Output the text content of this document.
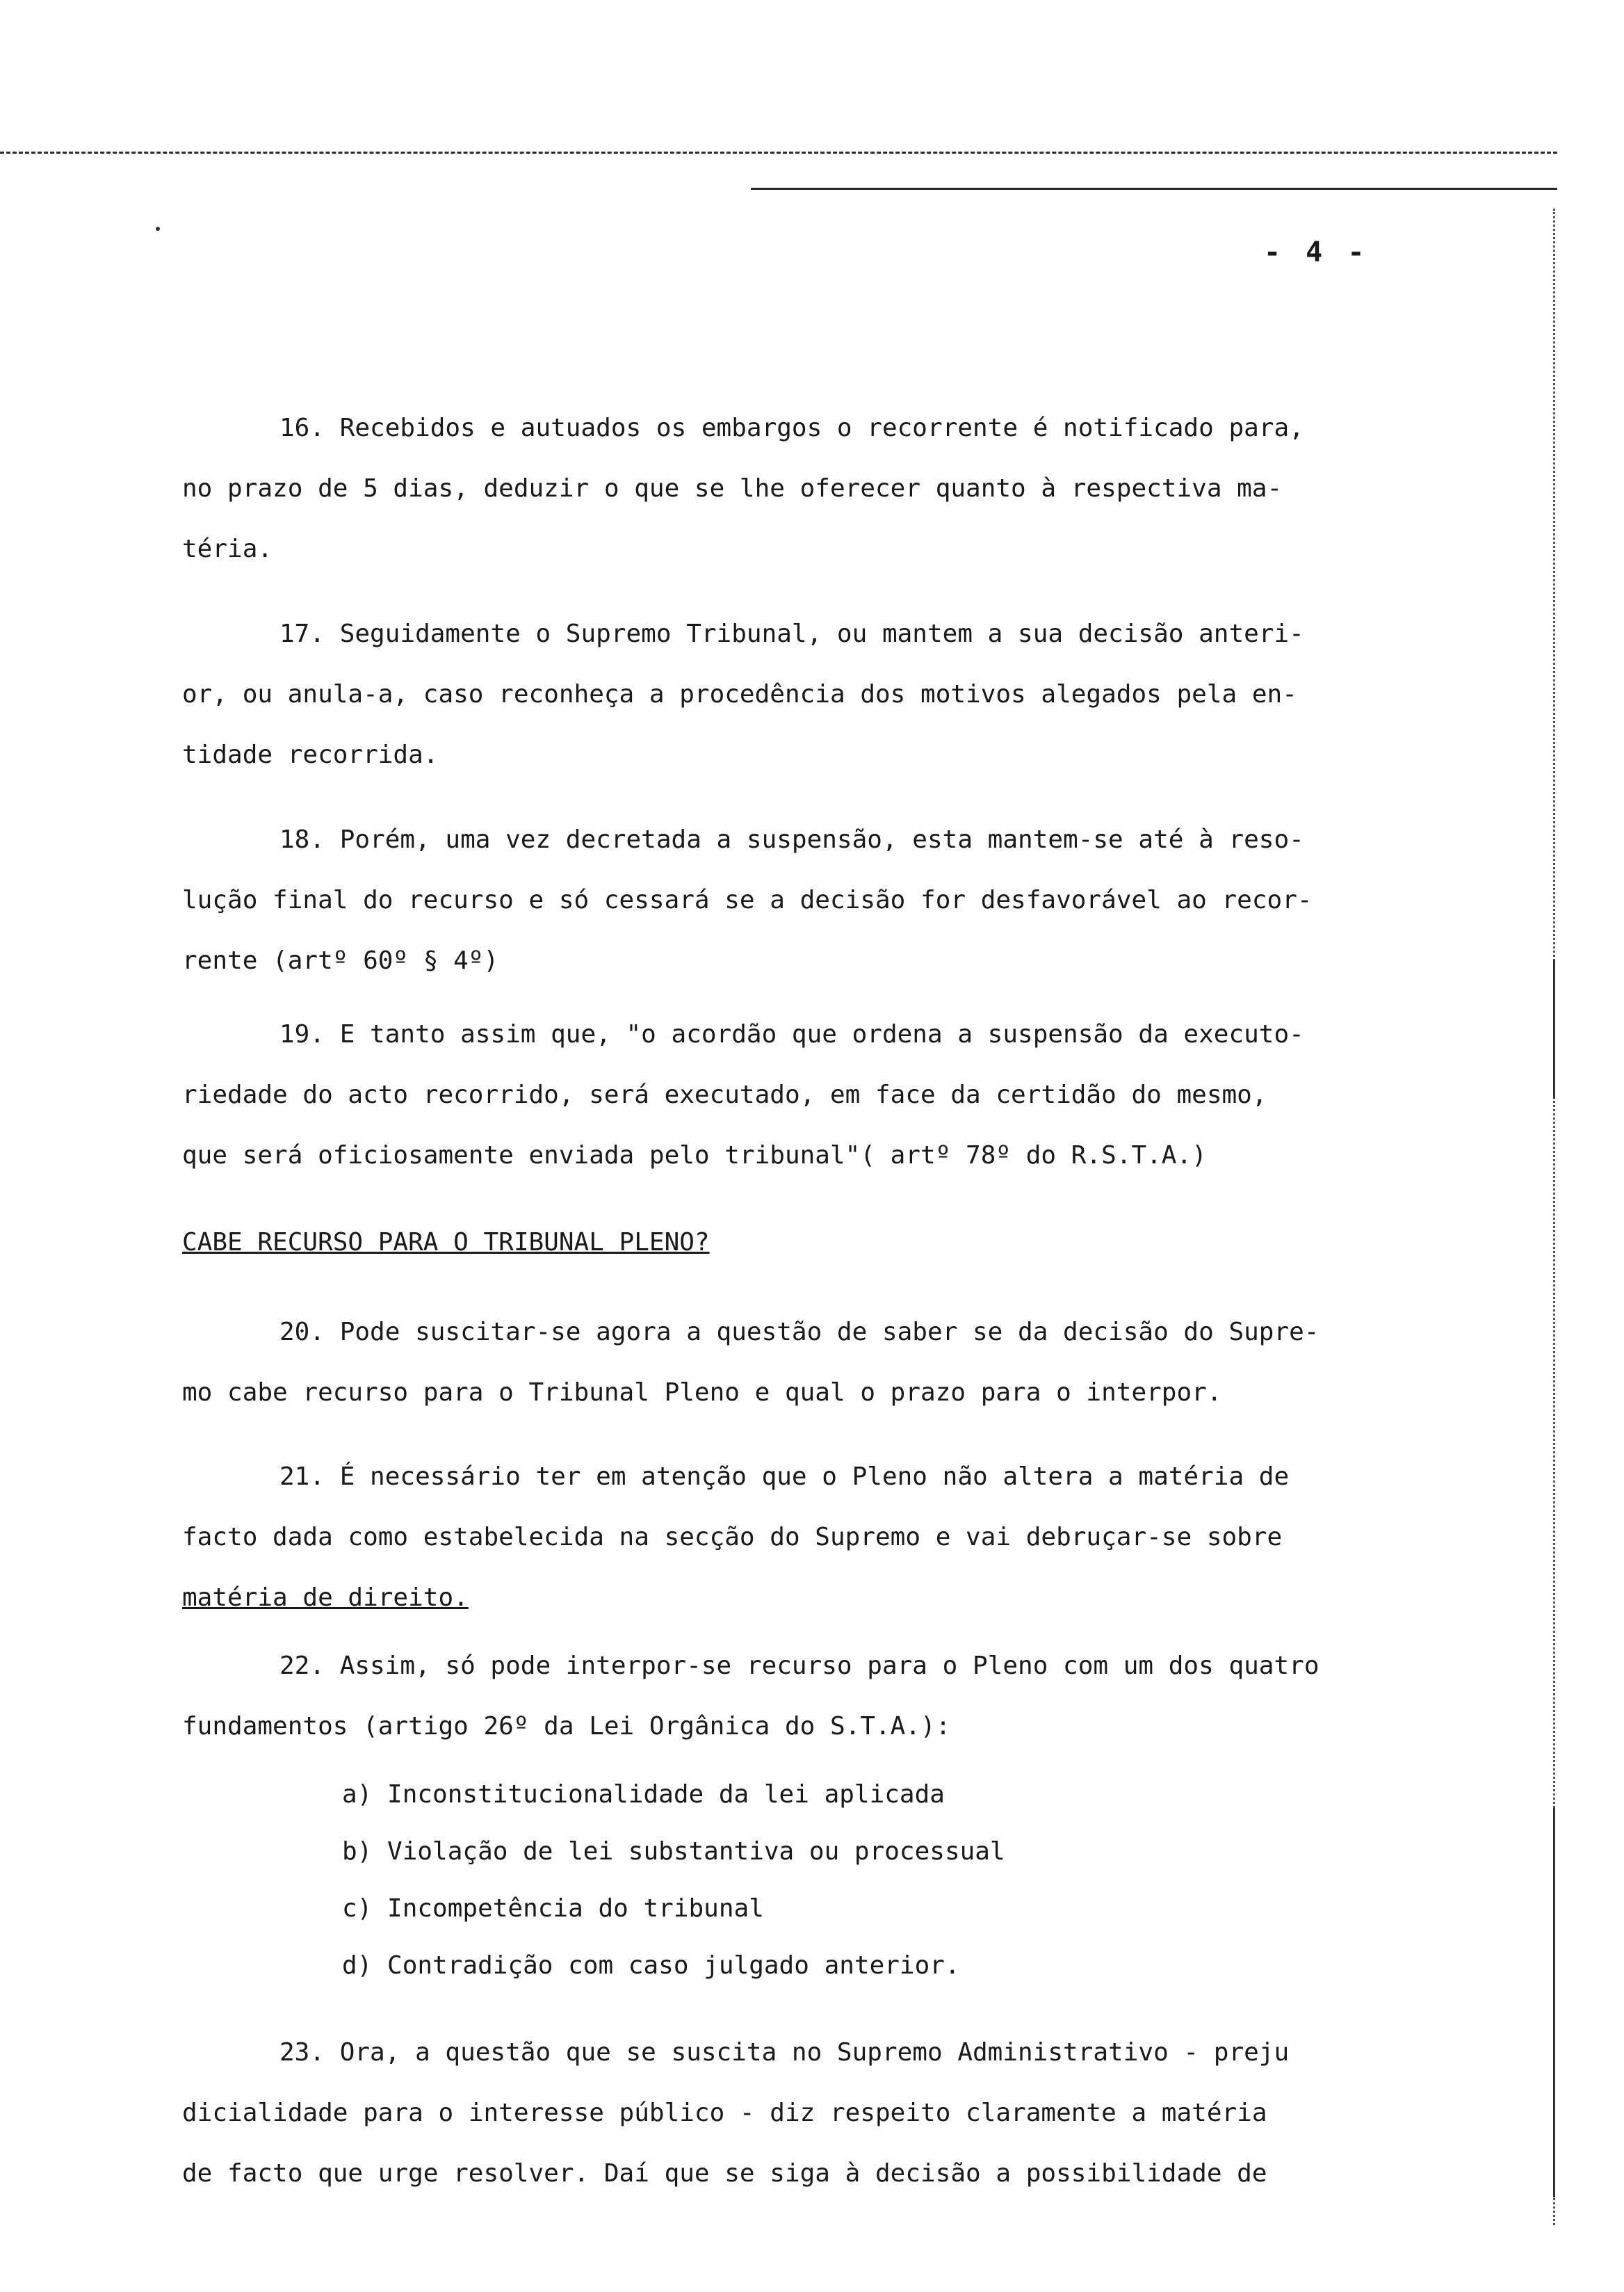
- 4 -
16. Recebidos e autuados os embargos o recorrente é notificado para,
no prazo de 5 dias, deduzir o que se lhe oferecer quanto à respectiva ma-
téria.
17. Seguidamente o Supremo Tribunal, ou mantem a sua decisão anteri-
or, ou anula-a, caso reconheça a procedência dos motivos alegados pela en-
tidade recorrida.
18. Porém, uma vez decretada a suspensão, esta mantem-se até à reso-
lução final do recurso e só cessará se a decisão for desfavorável ao recor-
rente (artº 60º § 4º)
19. E tanto assim que, "o acordão que ordena a suspensão da executo-
riedade do acto recorrido, será executado, em face da certidão do mesmo,
que será oficiosamente enviada pelo tribunal"( artº 78º do R.S.T.A.)
CABE RECURSO PARA O TRIBUNAL PLENO?
20. Pode suscitar-se agora a questão de saber se da decisão do Supre-
mo cabe recurso para o Tribunal Pleno e qual o prazo para o interpor.
21. É necessário ter em atenção que o Pleno não altera a matéria de
facto dada como estabelecida na secção do Supremo e vai debruçar-se sobre
matéria de direito.
22. Assim, só pode interpor-se recurso para o Pleno com um dos quatro
fundamentos (artigo 26º da Lei Orgânica do S.T.A.):
a) Inconstitucionalidade da lei aplicada
b) Violação de lei substantiva ou processual
c) Incompetência do tribunal
d) Contradição com caso julgado anterior.
23. Ora, a questão que se suscita no Supremo Administrativo - preju
dicialidade para o interesse público - diz respeito claramente a matéria
de facto que urge resolver. Daí que se siga à decisão a possibilidade de
